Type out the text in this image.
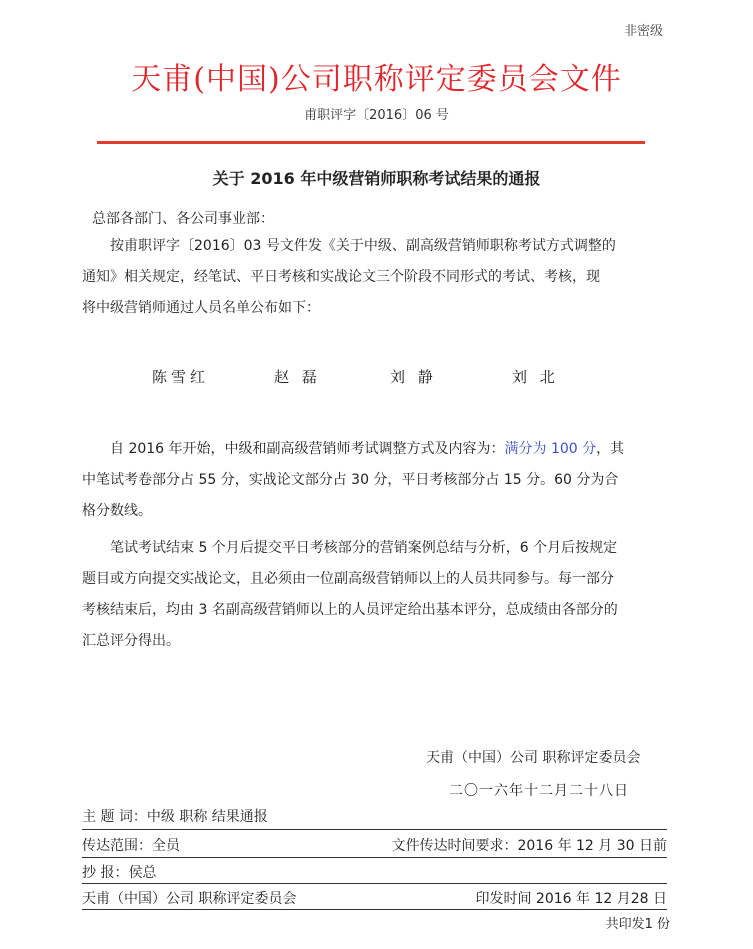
非密级
天甫(中国)公司职称评定委员会文件
甫职评字〔2016〕06 号
关于 2016 年中级营销师职称考试结果的通报
总部各部门、各公司事业部：
按甫职评字〔2016〕03 号文件发《关于中级、副高级营销师职称考试方式调整的
通知》相关规定，经笔试、平日考核和实战论文三个阶段不同形式的考试、考核，现
将中级营销师通过人员名单公布如下：
陈雪红	赵 磊	刘 静	刘 北
自 2016 年开始，中级和副高级营销师考试调整方式及内容为：满分为 100 分，其
中笔试考卷部分占 55 分，实战论文部分占 30 分，平日考核部分占 15 分。60 分为合
格分数线。
笔试考试结束 5 个月后提交平日考核部分的营销案例总结与分析，6 个月后按规定
题目或方向提交实战论文，且必须由一位副高级营销师以上的人员共同参与。每一部分
考核结束后，均由 3 名副高级营销师以上的人员评定给出基本评分，总成绩由各部分的
汇总评分得出。
天甫（中国）公司 职称评定委员会
二〇一六年十二月二十八日
主 题 词：中级 职称 结果通报
传达范围：全员	文件传达时间要求：2016 年 12 月 30 日前
抄 报：侯总
天甫（中国）公司 职称评定委员会	印发时间 2016 年 12 月28 日
共印发1 份
